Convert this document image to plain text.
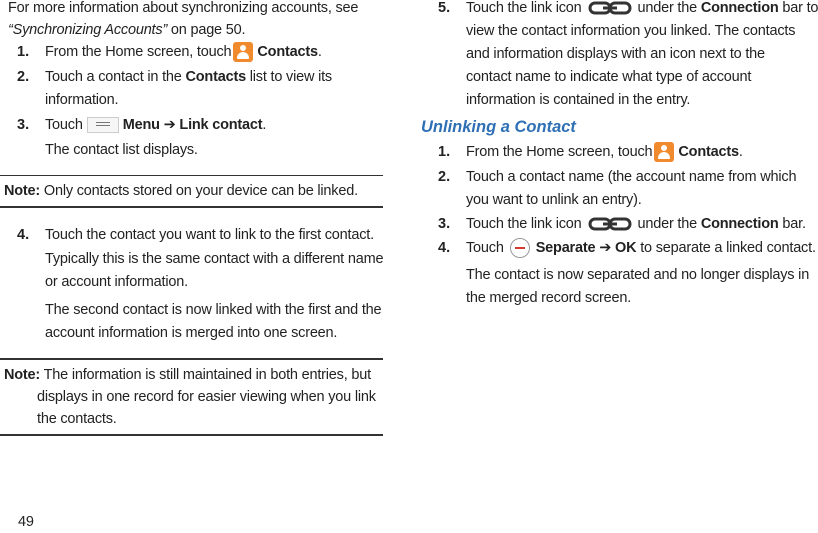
For more information about synchronizing accounts, see
“Synchronizing Accounts” on page 50.
1. From the Home screen, touch Contacts.
2. Touch a contact in the Contacts list to view its
information.
3. Touch	Menu ➔ Link contact.
The contact list displays.
Note: Only contacts stored on your device can be linked.
4. Touch the contact you want to link to the first contact.
Typically this is the same contact with a different name
or account information.
The second contact is now linked with the first and the
account information is merged into one screen.
Note: The information is still maintained in both entries, but
displays in one record for easier viewing when you link
the contacts.
49
5. Touch the link icon	under the Connection bar to
view the contact information you linked. The contacts
and information displays with an icon next to the
contact name to indicate what type of account
information is contained in the entry.
Unlinking a Contact
1. From the Home screen, touch Contacts.
2. Touch a contact name (the account name from which
you want to unlink an entry).
3. Touch the link icon	under the Connection bar.
4. Touch Separate ➔ OK to separate a linked contact.
The contact is now separated and no longer displays in
the merged record screen.
